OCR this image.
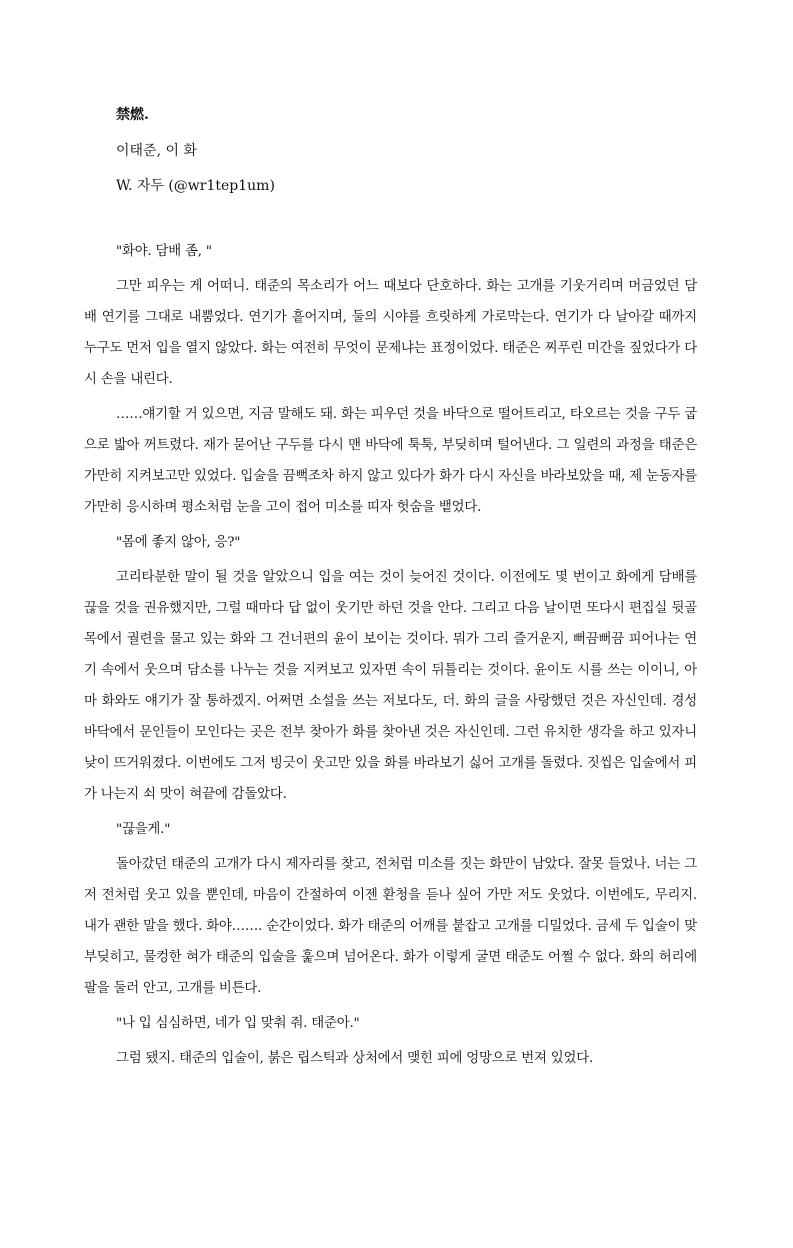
禁燃.
이태준, 이 화
W. 자두 (@wr1tep1um)

"화야. 담배 좀, "

그만 피우는 게 어떠니. 태준의 목소리가 어느 때보다 단호하다. 화는 고개를 기웃거리며 머금었던 담배 연기를 그대로 내뿜었다. 연기가 흩어지며, 둘의 시야를 흐릿하게 가로막는다. 연기가 다 날아갈 때까지 누구도 먼저 입을 열지 않았다. 화는 여전히 무엇이 문제냐는 표정이었다. 태준은 찌푸린 미간을 짚었다가 다시 손을 내린다.

……얘기할 거 있으면, 지금 말해도 돼. 화는 피우던 것을 바닥으로 떨어트리고, 타오르는 것을 구두 굽으로 밟아 꺼트렸다. 재가 묻어난 구두를 다시 맨 바닥에 툭툭, 부딪히며 털어낸다. 그 일련의 과정을 태준은 가만히 지켜보고만 있었다. 입술을 끔뻑조차 하지 않고 있다가 화가 다시 자신을 바라보았을 때, 제 눈동자를 가만히 응시하며 평소처럼 눈을 고이 접어 미소를 띠자 헛숨을 뱉었다.

"몸에 좋지 않아, 응?"

고리타분한 말이 될 것을 알았으니 입을 여는 것이 늦어진 것이다. 이전에도 몇 번이고 화에게 담배를 끊을 것을 권유했지만, 그럴 때마다 답 없이 웃기만 하던 것을 안다. 그리고 다음 날이면 또다시 편집실 뒷골목에서 궐련을 물고 있는 화와 그 건너편의 윤이 보이는 것이다. 뭐가 그리 즐거운지, 뻐끔뻐끔 피어나는 연기 속에서 웃으며 담소를 나누는 것을 지켜보고 있자면 속이 뒤틀리는 것이다. 윤이도 시를 쓰는 이이니, 아마 화와도 얘기가 잘 통하겠지. 어쩌면 소설을 쓰는 저보다도, 더. 화의 글을 사랑했던 것은 자신인데. 경성 바닥에서 문인들이 모인다는 곳은 전부 찾아가 화를 찾아낸 것은 자신인데. 그런 유치한 생각을 하고 있자니 낮이 뜨거워졌다. 이번에도 그저 빙긋이 웃고만 있을 화를 바라보기 싫어 고개를 돌렸다. 짓씹은 입술에서 피가 나는지 쇠 맛이 혀끝에 감돌았다.

"끊을게."

돌아갔던 태준의 고개가 다시 제자리를 찾고, 전처럼 미소를 짓는 화만이 남았다. 잘못 들었나. 너는 그저 전처럼 웃고 있을 뿐인데, 마음이 간절하여 이젠 환청을 듣나 싶어 가만 저도 웃었다. 이번에도, 무리지. 내가 괜한 말을 했다. 화야……. 순간이었다. 화가 태준의 어깨를 붙잡고 고개를 디밀었다. 금세 두 입술이 맞부딪히고, 물컹한 혀가 태준의 입술을 훑으며 넘어온다. 화가 이렇게 굴면 태준도 어쩔 수 없다. 화의 허리에 팔을 둘러 안고, 고개를 비튼다.

"나 입 심심하면, 네가 입 맞춰 줘. 태준아."

그럼 됐지. 태준의 입술이, 붉은 립스틱과 상처에서 맺힌 피에 엉망으로 번져 있었다.
